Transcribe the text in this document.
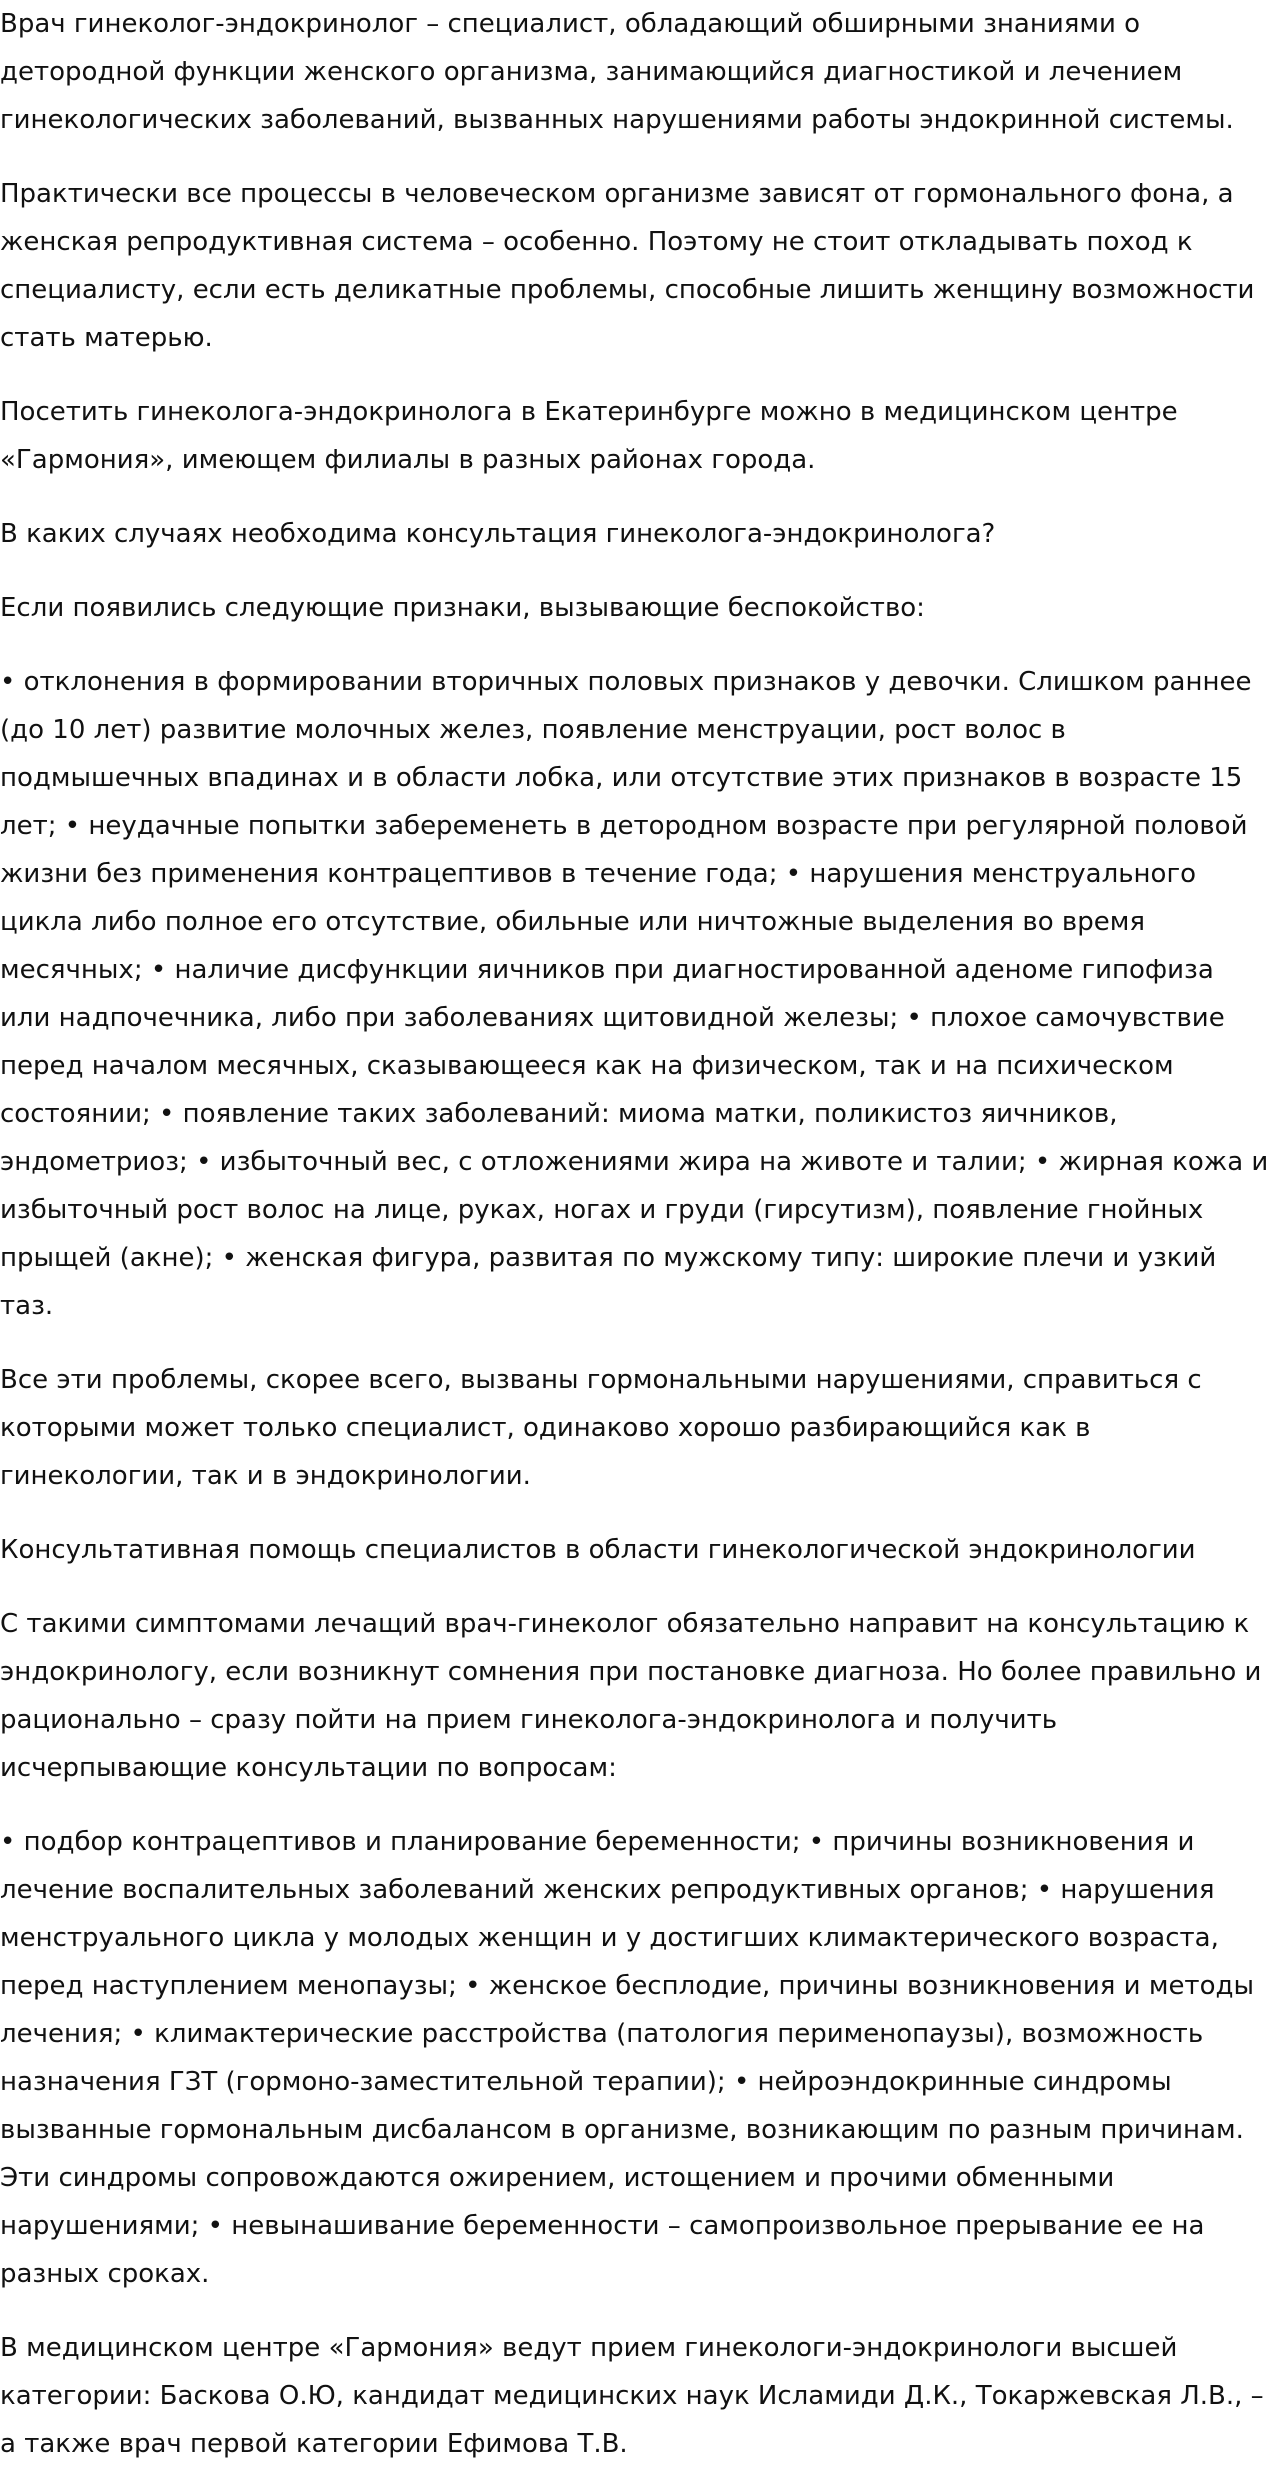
Врач гинеколог-эндокринолог – специалист, обладающий обширными знаниями о детородной функции женского организма, занимающийся диагностикой и лечением гинекологических заболеваний, вызванных нарушениями работы эндокринной системы.

Практически все процессы в человеческом организме зависят от гормонального фона, а женская репродуктивная система – особенно. Поэтому не стоит откладывать поход к специалисту, если есть деликатные проблемы, способные лишить женщину возможности стать матерью.

Посетить гинеколога-эндокринолога в Екатеринбурге можно в медицинском центре «Гармония», имеющем филиалы в разных районах города.

В каких случаях необходима консультация гинеколога-эндокринолога?

Если появились следующие признаки, вызывающие беспокойство:

• отклонения в формировании вторичных половых признаков у девочки. Слишком раннее (до 10 лет) развитие молочных желез, появление менструации, рост волос в подмышечных впадинах и в области лобка, или отсутствие этих признаков в возрасте 15 лет; • неудачные попытки забеременеть в детородном возрасте при регулярной половой жизни без применения контрацептивов в течение года; • нарушения менструального цикла либо полное его отсутствие, обильные или ничтожные выделения во время месячных; • наличие дисфункции яичников при диагностированной аденоме гипофиза или надпочечника, либо при заболеваниях щитовидной железы; • плохое самочувствие перед началом месячных, сказывающееся как на физическом, так и на психическом состоянии; • появление таких заболеваний: миома матки, поликистоз яичников, эндометриоз; • избыточный вес, с отложениями жира на животе и талии; • жирная кожа и избыточный рост волос на лице, руках, ногах и груди (гирсутизм), появление гнойных прыщей (акне); • женская фигура, развитая по мужскому типу: широкие плечи и узкий таз.

Все эти проблемы, скорее всего, вызваны гормональными нарушениями, справиться с которыми может только специалист, одинаково хорошо разбирающийся как в гинекологии, так и в эндокринологии.

Консультативная помощь специалистов в области гинекологической эндокринологии

С такими симптомами лечащий врач-гинеколог обязательно направит на консультацию к эндокринологу, если возникнут сомнения при постановке диагноза. Но более правильно и рационально – сразу пойти на прием гинеколога-эндокринолога и получить исчерпывающие консультации по вопросам:

• подбор контрацептивов и планирование беременности; • причины возникновения и лечение воспалительных заболеваний женских репродуктивных органов; • нарушения менструального цикла у молодых женщин и у достигших климактерического возраста, перед наступлением менопаузы; • женское бесплодие, причины возникновения и методы лечения; • климактерические расстройства (патология перименопаузы), возможность назначения ГЗТ (гормоно-заместительной терапии); • нейроэндокринные синдромы вызванные гормональным дисбалансом в организме, возникающим по разным причинам. Эти синдромы сопровождаются ожирением, истощением и прочими обменными нарушениями; • невынашивание беременности – самопроизвольное прерывание ее на разных сроках.

В медицинском центре «Гармония» ведут прием гинекологи-эндокринологи высшей категории: Баскова О.Ю, кандидат медицинских наук Исламиди Д.К., Токаржевская Л.В., – а также врач первой категории Ефимова Т.В.
